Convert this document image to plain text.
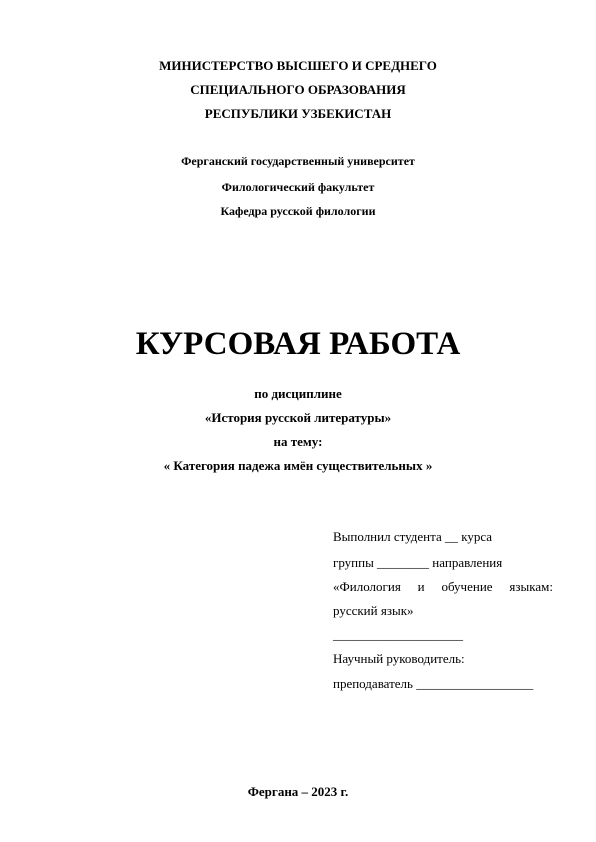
МИНИСТЕРСТВО ВЫСШЕГО И СРЕДНЕГО
СПЕЦИАЛЬНОГО ОБРАЗОВАНИЯ
РЕСПУБЛИКИ УЗБЕКИСТАН
Ферганский государственный университет
Филологический факультет
Кафедра русской филологии
КУРСОВАЯ РАБОТА
по дисциплине
«История русской литературы»
на тему:
« Категория падежа имён существительных »
Выполнил студента __ курса
группы ________ направления
«Филология и обучение языкам:
русский язык»
____________________
Научный руководитель:
преподаватель __________________
Фергана – 2023 г.
